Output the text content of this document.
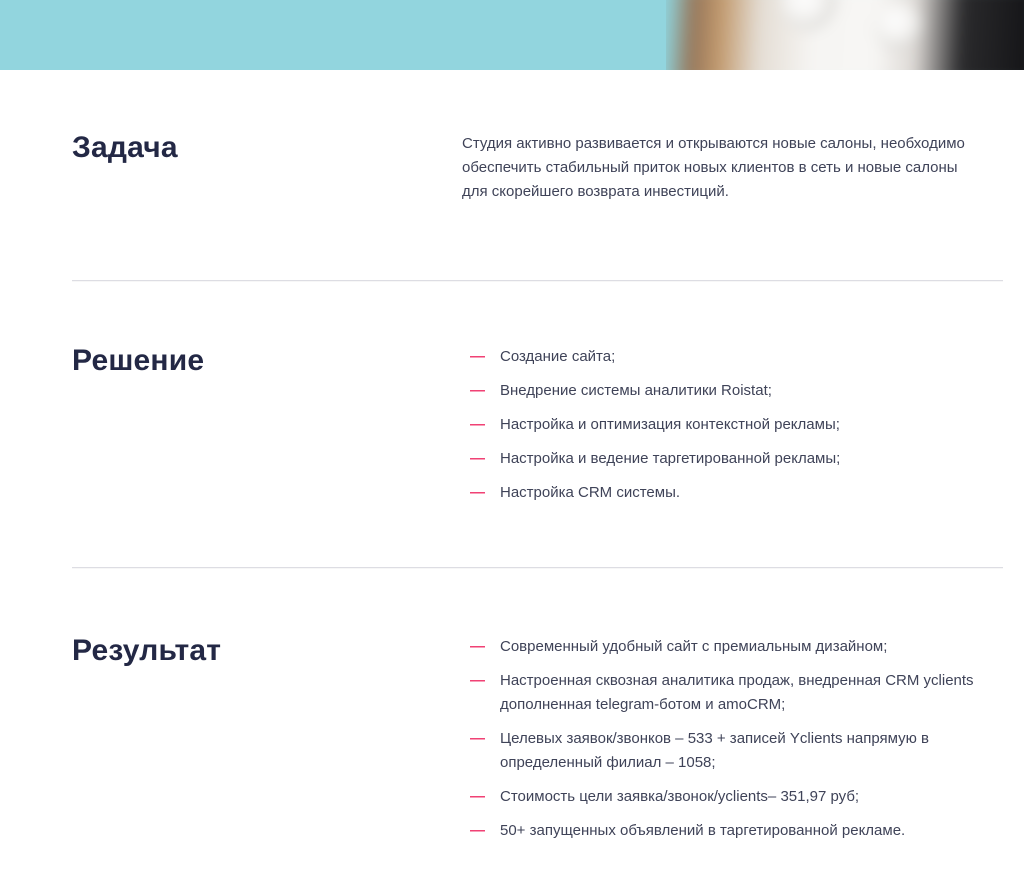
Задача	Студия активно развивается и открываются новые салоны, необходимо обеспечить стабильный приток новых клиентов в сеть и новые салоны для скорейшего возврата инвестиций.

Решение	— Создание сайта;
— Внедрение системы аналитики Roistat;
— Настройка и оптимизация контекстной рекламы;
— Настройка и ведение таргетированной рекламы;
— Настройка CRM системы.
Результат	— Современный удобный сайт с премиальным дизайном;
— Настроенная сквозная аналитика продаж, внедренная CRM yclients дополненная telegram-ботом и amoCRM;
— Целевых заявок/звонков – 533 + записей Yclients напрямую в определенный филиал – 1058;
— Стоимость цели заявка/звонок/yclients– 351,97 руб;
— 50+ запущенных объявлений в таргетированной рекламе.
